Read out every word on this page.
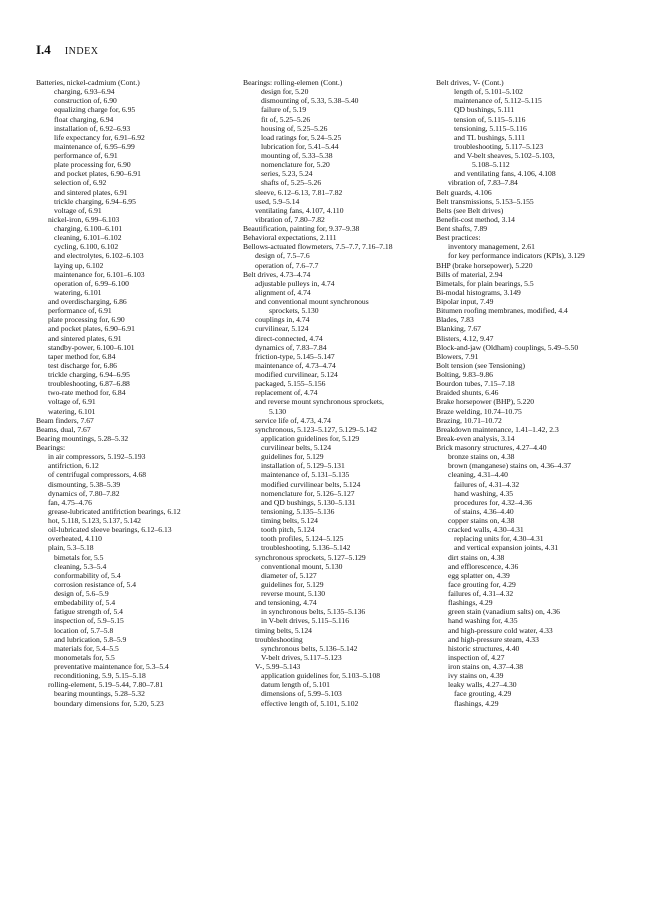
I.4 INDEX
Batteries, nickel-cadmium (Cont.)
charging, 6.93–6.94
construction of, 6.90
equalizing charge for, 6.95
float charging, 6.94
installation of, 6.92–6.93
life expectancy for, 6.91–6.92
maintenance of, 6.95–6.99
performance of, 6.91
plate processing for, 6.90
and pocket plates, 6.90–6.91
selection of, 6.92
and sintered plates, 6.91
trickle charging, 6.94–6.95
voltage of, 6.91
nickel-iron, 6.99–6.103
charging, 6.100–6.101
cleaning, 6.101–6.102
cycling, 6.100, 6.102
and electrolytes, 6.102–6.103
laying up, 6.102
maintenance for, 6.101–6.103
operation of, 6.99–6.100
watering, 6.101
and overdischarging, 6.86
performance of, 6.91
plate processing for, 6.90
and pocket plates, 6.90–6.91
and sintered plates, 6.91
standby-power, 6.100–6.101
taper method for, 6.84
test discharge for, 6.86
trickle charging, 6.94–6.95
troubleshooting, 6.87–6.88
two-rate method for, 6.84
voltage of, 6.91
watering, 6.101
Beam finders, 7.67
Beams, dual, 7.67
Bearing mountings, 5.28–5.32
Bearings:
in air compressors, 5.192–5.193
antifriction, 6.12
of centrifugal compressors, 4.68
dismounting, 5.38–5.39
dynamics of, 7.80–7.82
fan, 4.75–4.76
grease-lubricated antifriction bearings, 6.12
hot, 5.118, 5.123, 5.137, 5.142
oil-lubricated sleeve bearings, 6.12–6.13
overheated, 4.110
plain, 5.3–5.18
bimetals for, 5.5
cleaning, 5.3–5.4
conformability of, 5.4
corrosion resistance of, 5.4
design of, 5.6–5.9
embedability of, 5.4
fatigue strength of, 5.4
inspection of, 5.9–5.15
location of, 5.7–5.8
and lubrication, 5.8–5.9
materials for, 5.4–5.5
monometals for, 5.5
preventative maintenance for, 5.3–5.4
reconditioning, 5.9, 5.15–5.18
rolling-element, 5.19–5.44, 7.80–7.81
bearing mountings, 5.28–5.32
boundary dimensions for, 5.20, 5.23
Bearings: rolling-elemen (Cont.)
design for, 5.20
dismounting of, 5.33, 5.38–5.40
failure of, 5.19
fit of, 5.25–5.26
housing of, 5.25–5.26
load ratings for, 5.24–5.25
lubrication for, 5.41–5.44
mounting of, 5.33–5.38
nomenclature for, 5.20
series, 5.23, 5.24
shafts of, 5.25–5.26
sleeve, 6.12–6.13, 7.81–7.82
used, 5.9–5.14
ventilating fans, 4.107, 4.110
vibration of, 7.80–7.82
Beautification, painting for, 9.37–9.38
Behavioral expectations, 2.111
Bellows-actuated flowmeters, 7.5–7.7, 7.16–7.18
design of, 7.5–7.6
operation of, 7.6–7.7
Belt drives, 4.73–4.74
adjustable pulleys in, 4.74
alignment of, 4.74
and conventional mount synchronous
sprockets, 5.130
couplings in, 4.74
curvilinear, 5.124
direct-connected, 4.74
dynamics of, 7.83–7.84
friction-type, 5.145–5.147
maintenance of, 4.73–4.74
modified curvilinear, 5.124
packaged, 5.155–5.156
replacement of, 4.74
and reverse mount synchronous sprockets,
5.130
service life of, 4.73, 4.74
synchronous, 5.123–5.127, 5.129–5.142
application guidelines for, 5.129
curvilinear belts, 5.124
guidelines for, 5.129
installation of, 5.129–5.131
maintenance of, 5.131–5.135
modified curvilinear belts, 5.124
nomenclature for, 5.126–5.127
and QD bushings, 5.130–5.131
tensioning, 5.135–5.136
timing belts, 5.124
tooth pitch, 5.124
tooth profiles, 5.124–5.125
troubleshooting, 5.136–5.142
synchronous sprockets, 5.127–5.129
conventional mount, 5.130
diameter of, 5.127
guidelines for, 5.129
reverse mount, 5.130
and tensioning, 4.74
in synchronous belts, 5.135–5.136
in V-belt drives, 5.115–5.116
timing belts, 5.124
troubleshooting
synchronous belts, 5.136–5.142
V-belt drives, 5.117–5.123
V-, 5.99–5.143
application guidelines for, 5.103–5.108
datum length of, 5.101
dimensions of, 5.99–5.103
effective length of, 5.101, 5.102
Belt drives, V- (Cont.)
length of, 5.101–5.102
maintenance of, 5.112–5.115
QD bushings, 5.111
tension of, 5.115–5.116
tensioning, 5.115–5.116
and TL bushings, 5.111
troubleshooting, 5.117–5.123
and V-belt sheaves, 5.102–5.103,
5.108–5.112
and ventilating fans, 4.106, 4.108
vibration of, 7.83–7.84
Belt guards, 4.106
Belt transmissions, 5.153–5.155
Belts (see Belt drives)
Benefit-cost method, 3.14
Bent shafts, 7.89
Best practices:
inventory management, 2.61
for key performance indicators (KPIs), 3.129
BHP (brake horsepower), 5.220
Bills of material, 2.94
Bimetals, for plain bearings, 5.5
Bi-modal histograms, 3.149
Bipolar input, 7.49
Bitumen roofing membranes, modified, 4.4
Blades, 7.83
Blanking, 7.67
Blisters, 4.12, 9.47
Block-and-jaw (Oldham) couplings, 5.49–5.50
Blowers, 7.91
Bolt tension (see Tensioning)
Bolting, 9.83–9.86
Bourdon tubes, 7.15–7.18
Braided shunts, 6.46
Brake horsepower (BHP), 5.220
Braze welding, 10.74–10.75
Brazing, 10.71–10.72
Breakdown maintenance, 1.41–1.42, 2.3
Break-even analysis, 3.14
Brick masonry structures, 4.27–4.40
bronze stains on, 4.38
brown (manganese) stains on, 4.36–4.37
cleaning, 4.31–4.40
failures of, 4.31–4.32
hand washing, 4.35
procedures for, 4.32–4.36
of stains, 4.36–4.40
copper stains on, 4.38
cracked walls, 4.30–4.31
replacing units for, 4.30–4.31
and vertical expansion joints, 4.31
dirt stains on, 4.38
and efflorescence, 4.36
egg splatter on, 4.39
face grouting for, 4.29
failures of, 4.31–4.32
flashings, 4.29
green stain (vanadium salts) on, 4.36
hand washing for, 4.35
and high-pressure cold water, 4.33
and high-pressure steam, 4.33
historic structures, 4.40
inspection of, 4.27
iron stains on, 4.37–4.38
ivy stains on, 4.39
leaky walls, 4.27–4.30
face grouting, 4.29
flashings, 4.29
